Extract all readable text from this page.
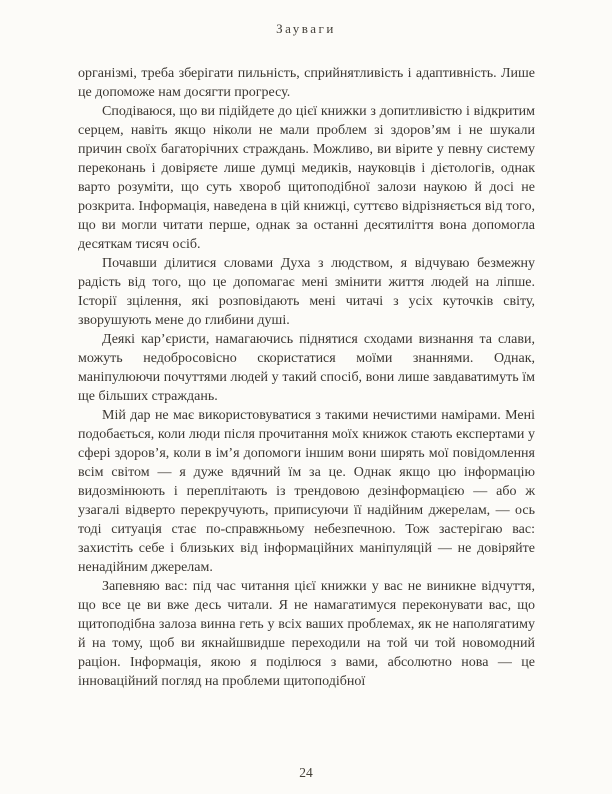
Зауваги

організмі, треба зберігати пильність, сприйнятливість і адаптивність. Лише це допоможе нам досягти прогресу.

Сподіваюся, що ви підійдете до цієї книжки з допитливістю і відкритим серцем, навіть якщо ніколи не мали проблем зі здоров’ям і не шукали причин своїх багаторічних страждань. Можливо, ви вірите у певну систему переконань і довіряєте лише думці медиків, науковців і дієтологів, однак варто розуміти, що суть хвороб щитоподібної залози наукою й досі не розкрита. Інформація, наведена в цій книжці, суттєво відрізняється від того, що ви могли читати перше, однак за останні десятиліття вона допомогла десяткам тисяч осіб.

Почавши ділитися словами Духа з людством, я відчуваю безмежну радість від того, що це допомагає мені змінити життя людей на ліпше. Історії зцілення, які розповідають мені читачі з усіх куточків світу, зворушують мене до глибини душі.

Деякі кар’єристи, намагаючись піднятися сходами визнання та слави, можуть недобросовісно скористатися моїми знаннями. Однак, маніпулюючи почуттями людей у такий спосіб, вони лише завдаватимуть їм ще більших страждань.

Мій дар не має використовуватися з такими нечистими намірами. Мені подобається, коли люди після прочитання моїх книжок стають експертами у сфері здоров’я, коли в ім’я допомоги іншим вони ширять мої повідомлення всім світом — я дуже вдячний їм за це. Однак якщо цю інформацію видозмінюють і переплітають із трендовою дезінформацією — або ж узагалі відверто перекручують, приписуючи її надійним джерелам, — ось тоді ситуація стає по-справжньому небезпечною. Тож застерігаю вас: захистіть себе і близьких від інформаційних маніпуляцій — не довіряйте ненадійним джерелам.

Запевняю вас: під час читання цієї книжки у вас не виникне відчуття, що все це ви вже десь читали. Я не намагатимуся переконувати вас, що щитоподібна залоза винна геть у всіх ваших проблемах, як не наполягатиму й на тому, щоб ви якнайшвидше переходили на той чи той новомодний раціон. Інформація, якою я поділюся з вами, абсолютно нова — це інноваційний погляд на проблеми щитоподібної

24
